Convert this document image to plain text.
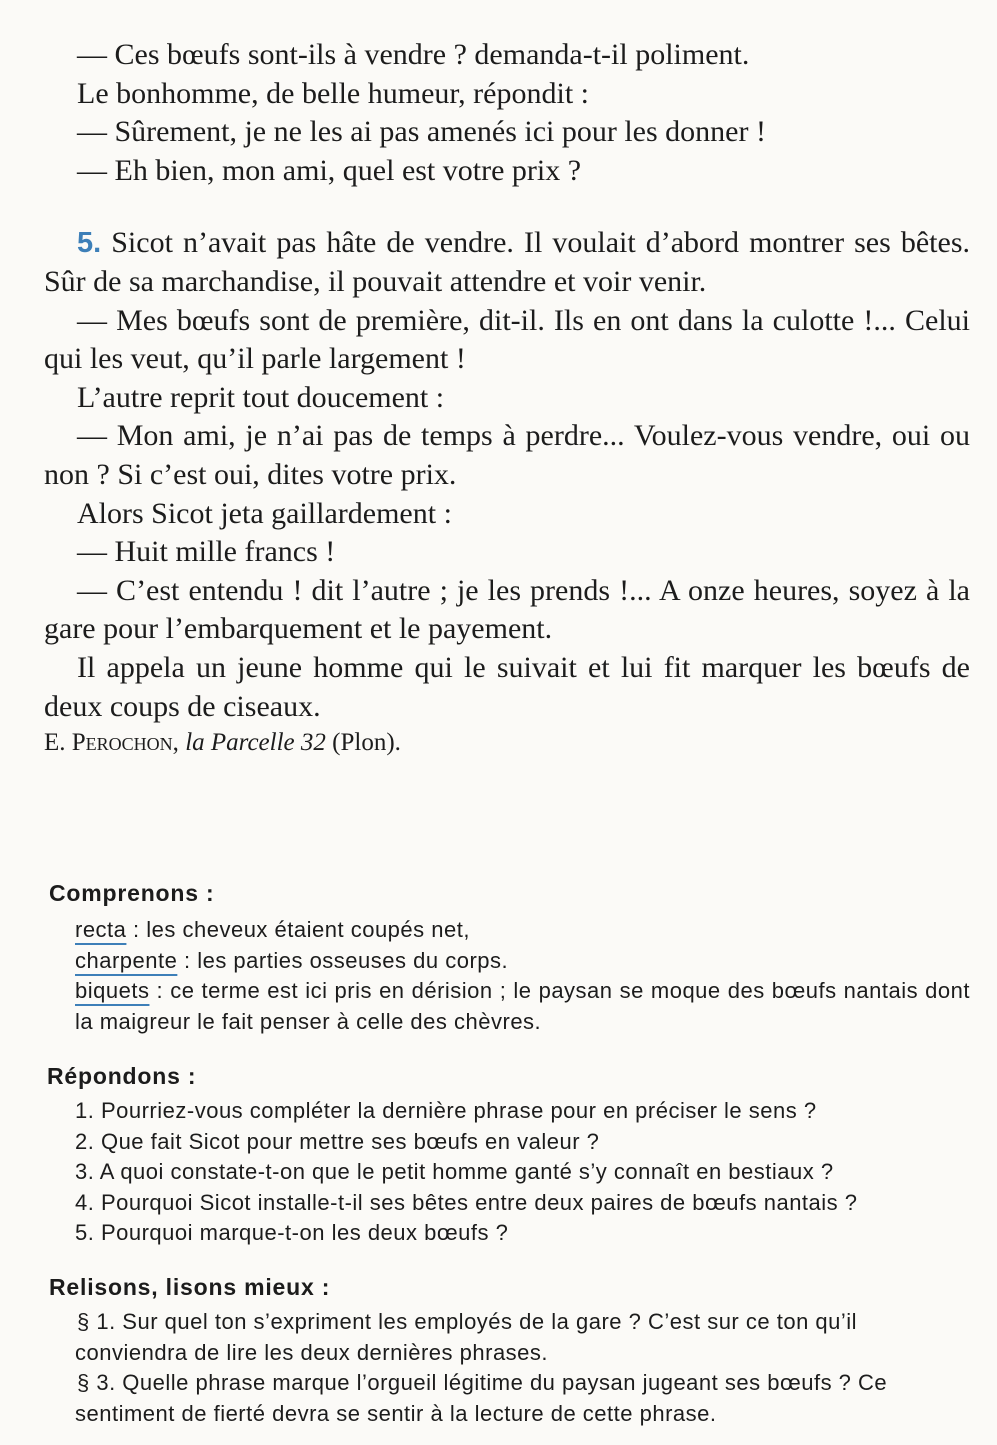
— Ces bœufs sont-ils à vendre ? demanda-t-il poliment.

Le bonhomme, de belle humeur, répondit :

— Sûrement, je ne les ai pas amenés ici pour les donner !

— Eh bien, mon ami, quel est votre prix ?

5. Sicot n’avait pas hâte de vendre. Il voulait d’abord montrer ses bêtes. Sûr de sa marchandise, il pouvait attendre et voir venir.

— Mes bœufs sont de première, dit-il. Ils en ont dans la culotte !... Celui qui les veut, qu’il parle largement !

L’autre reprit tout doucement :

— Mon ami, je n’ai pas de temps à perdre... Voulez-vous vendre, oui ou non ? Si c’est oui, dites votre prix.

Alors Sicot jeta gaillardement :

— Huit mille francs !

— C’est entendu ! dit l’autre ; je les prends !... A onze heures, soyez à la gare pour l’embarquement et le payement.

Il appela un jeune homme qui le suivait et lui fit marquer les bœufs de deux coups de ciseaux.

E. Perochon, la Parcelle 32 (Plon).

Comprenons :

recta : les cheveux étaient coupés net,

charpente : les parties osseuses du corps.

biquets : ce terme est ici pris en dérision ; le paysan se moque des bœufs nantais dont la maigreur le fait penser à celle des chèvres.

Répondons :

1. Pourriez-vous compléter la dernière phrase pour en préciser le sens ?

2. Que fait Sicot pour mettre ses bœufs en valeur ?

3. A quoi constate-t-on que le petit homme ganté s’y connaît en bestiaux ?

4. Pourquoi Sicot installe-t-il ses bêtes entre deux paires de bœufs nantais ?

5. Pourquoi marque-t-on les deux bœufs ?

Relisons, lisons mieux :

§ 1. Sur quel ton s’expriment les employés de la gare ? C’est sur ce ton qu’il conviendra de lire les deux dernières phrases.

§ 3. Quelle phrase marque l’orgueil légitime du paysan jugeant ses bœufs ? Ce sentiment de fierté devra se sentir à la lecture de cette phrase.
